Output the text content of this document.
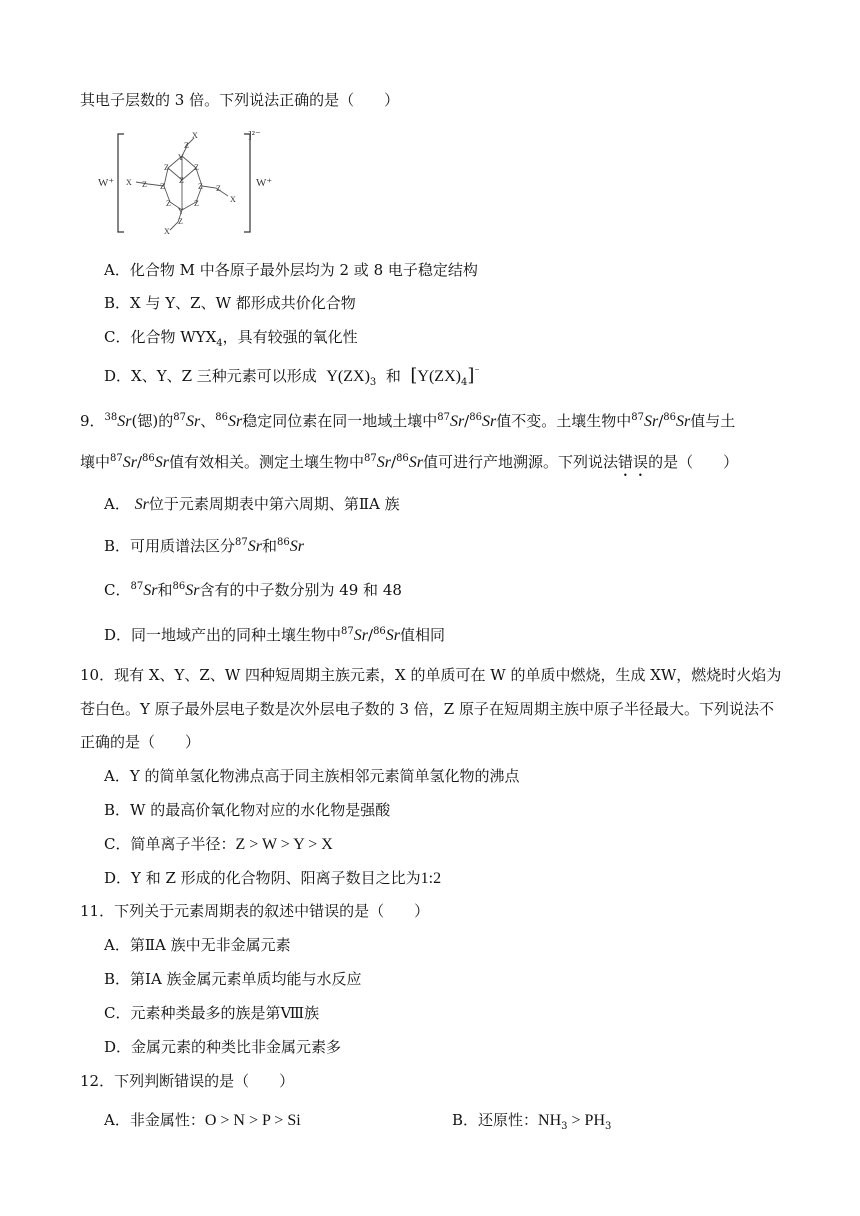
其电子层数的 3 倍。下列说法正确的是（　　）
W⁺
]²⁻
W⁺
X
Z
Y
X Z Z
Z	Z
Z
Z Z
X
Z	Z
Y
Z
X
A．化合物 M 中各原子最外层均为 2 或 8 电子稳定结构
B．X 与 Y、Z、W 都形成共价化合物
C．化合物 $WYX_4$，具有较强的氧化性
D．X、Y、Z 三种元素可以形成 $Y(ZX)_3$ 和 $[Y(ZX)_4]^{^-}$
9．$^{38}$Sr(锶)的$^{87}$Sr、$^{86}$Sr稳定同位素在同一地域土壤中$^{87}$Sr/$^{86}$Sr值不变。土壤生物中$^{87}$Sr/$^{86}$Sr值与土
壤中$^{87}$Sr/$^{86}$Sr值有效相关。测定土壤生物中$^{87}$Sr/$^{86}$Sr值可进行产地溯源。下列说法错误的是（　　）
A． Sr位于元素周期表中第六周期、第ⅡA 族
B．可用质谱法区分$^{87}$Sr和$^{86}$Sr
C．$^{87}$Sr和$^{86}$Sr含有的中子数分别为 49 和 48
D．同一地域产出的同种土壤生物中$^{87}$Sr/$^{86}$Sr值相同
10．现有 X、Y、Z、W 四种短周期主族元素，X 的单质可在 W 的单质中燃烧，生成 XW，燃烧时火焰为
苍白色。Y 原子最外层电子数是次外层电子数的 3 倍，Z 原子在短周期主族中原子半径最大。下列说法不
正确的是（　　）
A．Y 的简单氢化物沸点高于同主族相邻元素简单氢化物的沸点
B．W 的最高价氧化物对应的水化物是强酸
C．简单离子半径：Z > W > Y > X
D．Y 和 Z 形成的化合物阴、阳离子数目之比为1:2
11．下列关于元素周期表的叙述中错误的是（　　）
A．第ⅡA 族中无非金属元素
B．第ⅠA 族金属元素单质均能与水反应
C．元素种类最多的族是第Ⅷ族
D．金属元素的种类比非金属元素多
12．下列判断错误的是（　　）
A．非金属性：O > N > P > Si	B．还原性：$NH_3 > PH_3$
